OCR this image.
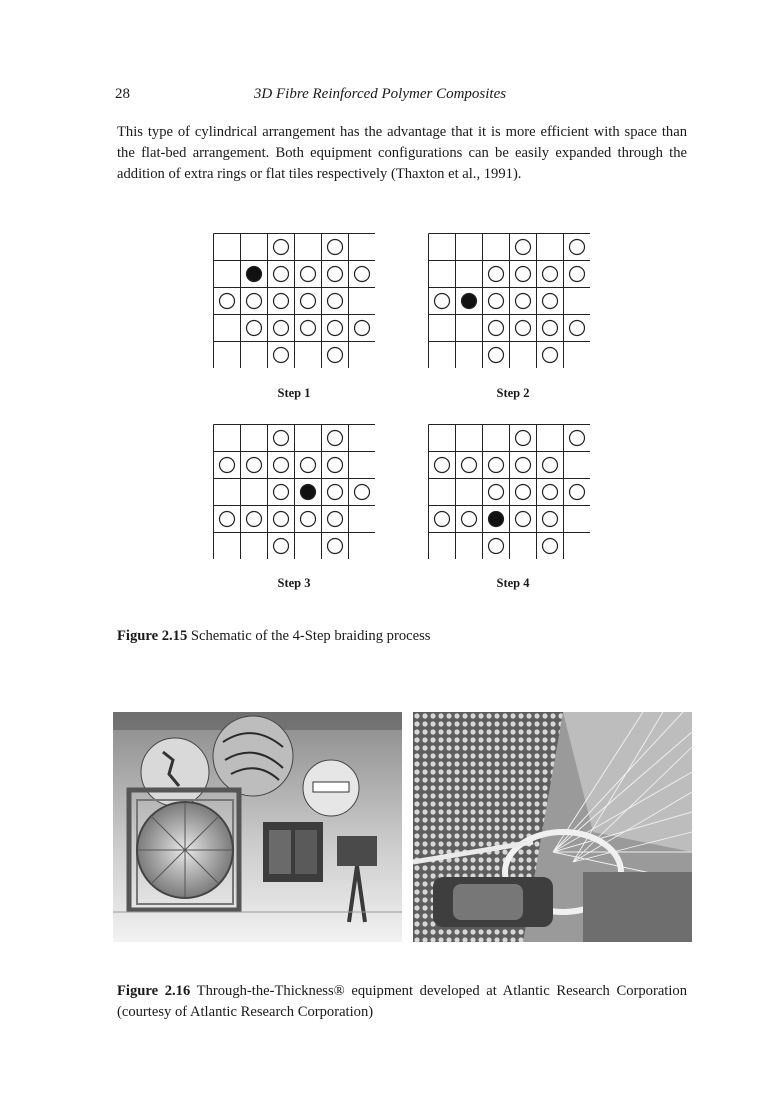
28	3D Fibre Reinforced Polymer Composites

This type of cylindrical arrangement has the advantage that it is more efficient with space than the flat-bed arrangement. Both equipment configurations can be easily expanded through the addition of extra rings or flat tiles respectively (Thaxton et al., 1991).

Step 1	Step 2
Step 3	Step 4

Figure 2.15 Schematic of the 4-Step braiding process

Figure 2.16 Through-the-Thickness® equipment developed at Atlantic Research Corporation (courtesy of Atlantic Research Corporation)
